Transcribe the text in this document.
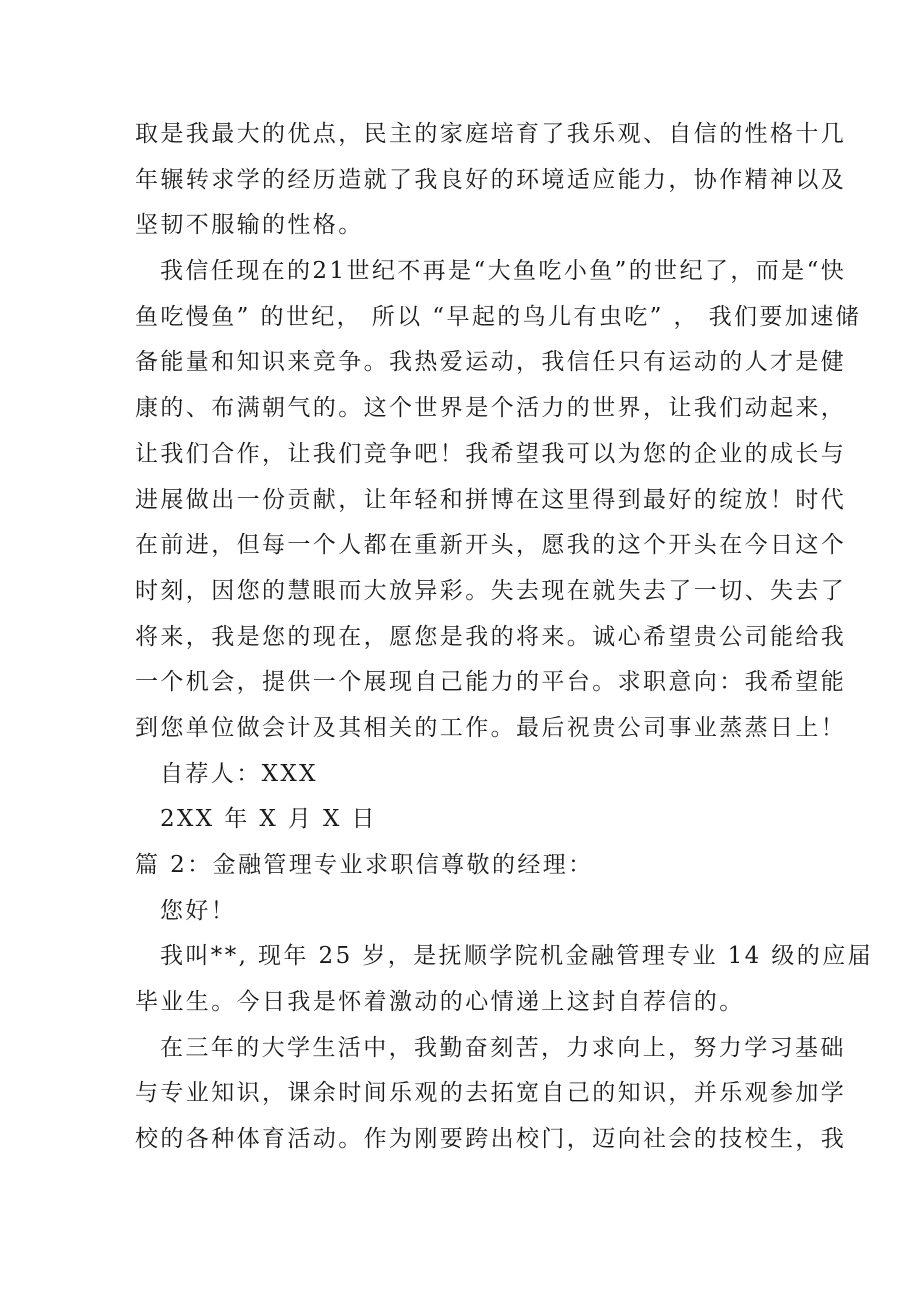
取是我最大的优点，民主的家庭培育了我乐观、自信的性格十几
年辗转求学的经历造就了我良好的环境适应能力，协作精神以及
坚韧不服输的性格。
我信任现在的21世纪不再是“大鱼吃小鱼”的世纪了，而是“快
鱼吃慢鱼” 的世纪， 所以 “早起的鸟儿有虫吃” ， 我们要加速储
备能量和知识来竞争。我热爱运动，我信任只有运动的人才是健
康的、布满朝气的。这个世界是个活力的世界，让我们动起来，
让我们合作，让我们竞争吧！我希望我可以为您的企业的成长与
进展做出一份贡献，让年轻和拼博在这里得到最好的绽放！时代
在前进，但每一个人都在重新开头，愿我的这个开头在今日这个
时刻，因您的慧眼而大放异彩。失去现在就失去了一切、失去了
将来，我是您的现在，愿您是我的将来。诚心希望贵公司能给我
一个机会，提供一个展现自己能力的平台。求职意向：我希望能
到您单位做会计及其相关的工作。最后祝贵公司事业蒸蒸日上！
自荐人：XXX
2XX 年 X 月 X 日
篇 2：金融管理专业求职信尊敬的经理：
您好！
我叫**, 现年 25 岁，是抚顺学院机金融管理专业 14 级的应届
毕业生。今日我是怀着激动的心情递上这封自荐信的。
在三年的大学生活中，我勤奋刻苦，力求向上，努力学习基础
与专业知识，课余时间乐观的去拓宽自己的知识，并乐观参加学
校的各种体育活动。作为刚要跨出校门，迈向社会的技校生，我
